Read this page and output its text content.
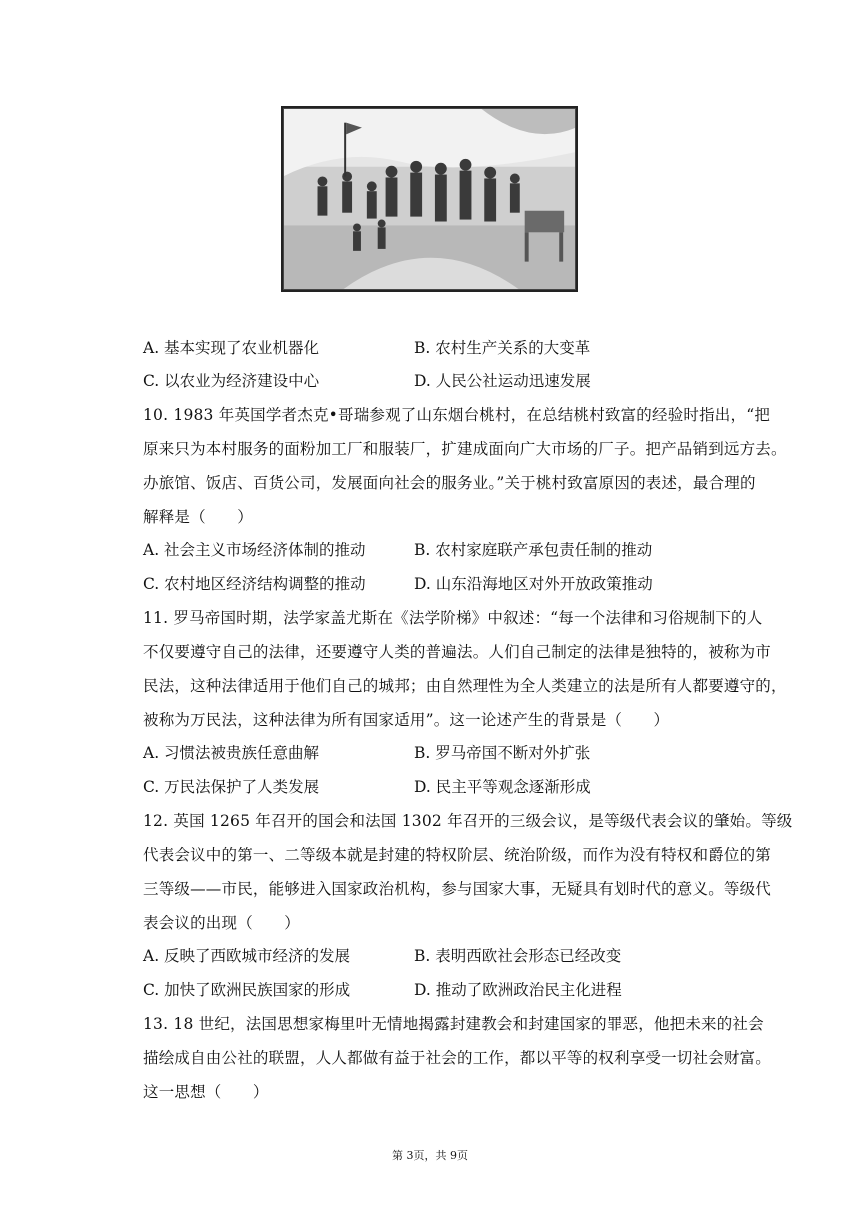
A. 基本实现了农业机器化	B. 农村生产关系的大变革
C. 以农业为经济建设中心	D. 人民公社运动迅速发展
10. 1983 年英国学者杰克•哥瑞参观了山东烟台桃村，在总结桃村致富的经验时指出，“把
原来只为本村服务的面粉加工厂和服装厂，扩建成面向广大市场的厂子。把产品销到远方去。
办旅馆、饭店、百货公司，发展面向社会的服务业。”关于桃村致富原因的表述，最合理的
解释是（　　）
A. 社会主义市场经济体制的推动	B. 农村家庭联产承包责任制的推动
C. 农村地区经济结构调整的推动	D. 山东沿海地区对外开放政策推动
11. 罗马帝国时期，法学家盖尤斯在《法学阶梯》中叙述：“每一个法律和习俗规制下的人
不仅要遵守自己的法律，还要遵守人类的普遍法。人们自己制定的法律是独特的，被称为市
民法，这种法律适用于他们自己的城邦；由自然理性为全人类建立的法是所有人都要遵守的，
被称为万民法，这种法律为所有国家适用”。这一论述产生的背景是（　　）
A. 习惯法被贵族任意曲解	B. 罗马帝国不断对外扩张
C. 万民法保护了人类发展	D. 民主平等观念逐渐形成
12. 英国 1265 年召开的国会和法国 1302 年召开的三级会议，是等级代表会议的肇始。等级
代表会议中的第一、二等级本就是封建的特权阶层、统治阶级，而作为没有特权和爵位的第
三等级——市民，能够进入国家政治机构，参与国家大事，无疑具有划时代的意义。等级代
表会议的出现（　　）
A. 反映了西欧城市经济的发展	B. 表明西欧社会形态已经改变
C. 加快了欧洲民族国家的形成	D. 推动了欧洲政治民主化进程
13. 18 世纪，法国思想家梅里叶无情地揭露封建教会和封建国家的罪恶，他把未来的社会
描绘成自由公社的联盟，人人都做有益于社会的工作，都以平等的权利享受一切社会财富。
这一思想（　　）
第 3页，共 9页
